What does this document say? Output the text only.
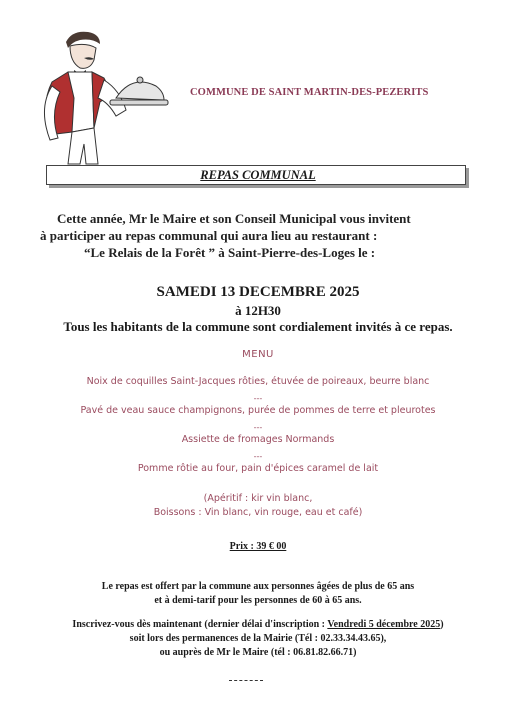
COMMUNE DE SAINT MARTIN-DES-PEZERITS
REPAS COMMUNAL
Cette année, Mr le Maire et son Conseil Municipal vous invitent
à participer au repas communal qui aura lieu au restaurant :
“Le Relais de la Forêt ” à Saint-Pierre-des-Loges le :
SAMEDI 13 DECEMBRE 2025
à 12H30
Tous les habitants de la commune sont cordialement invités à ce repas.
MENU
Noix de coquilles Saint-Jacques rôties, étuvée de poireaux, beurre blanc
---
Pavé de veau sauce champignons, purée de pommes de terre et pleurotes
---
Assiette de fromages Normands
---
Pomme rôtie au four, pain d'épices caramel de lait
(Apéritif : kir vin blanc,
Boissons : Vin blanc, vin rouge, eau et café)
Prix : 39 € 00
Le repas est offert par la commune aux personnes âgées de plus de 65 ans
et à demi-tarif pour les personnes de 60 à 65 ans.
Inscrivez-vous dès maintenant (dernier délai d'inscription : Vendredi 5 décembre 2025)
soit lors des permanences de la Mairie (Tél : 02.33.34.43.65),
ou auprès de Mr le Maire (tél : 06.81.82.66.71)
